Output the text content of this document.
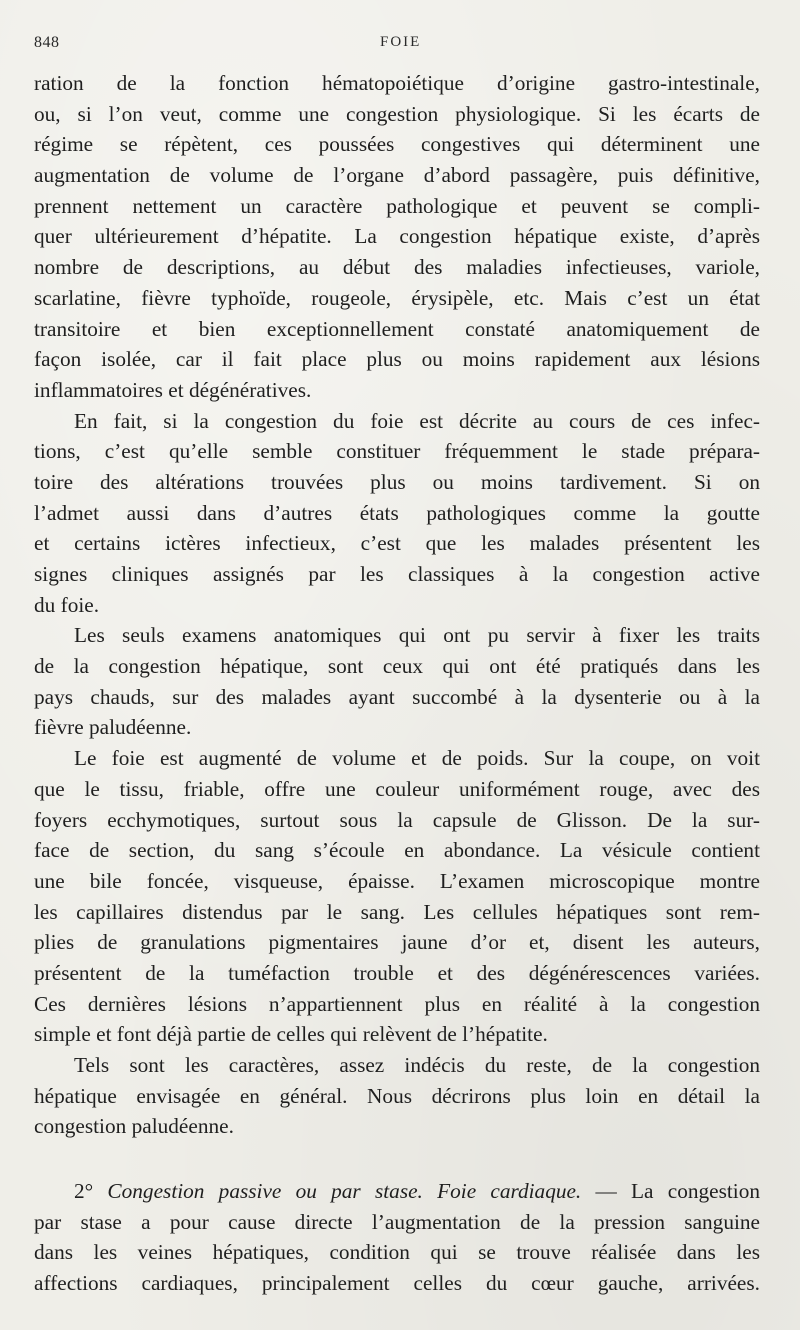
848	FOIE
ration de la fonction hématopoiétique d’origine gastro-intestinale,
ou, si l’on veut, comme une congestion physiologique. Si les écarts de
régime se répètent, ces poussées congestives qui déterminent une
augmentation de volume de l’organe d’abord passagère, puis définitive,
prennent nettement un caractère pathologique et peuvent se compli-
quer ultérieurement d’hépatite. La congestion hépatique existe, d’après
nombre de descriptions, au début des maladies infectieuses, variole,
scarlatine, fièvre typhoïde, rougeole, érysipèle, etc. Mais c’est un état
transitoire et bien exceptionnellement constaté anatomiquement de
façon isolée, car il fait place plus ou moins rapidement aux lésions
inflammatoires et dégénératives.
En fait, si la congestion du foie est décrite au cours de ces infec-
tions, c’est qu’elle semble constituer fréquemment le stade prépara-
toire des altérations trouvées plus ou moins tardivement. Si on
l’admet aussi dans d’autres états pathologiques comme la goutte
et certains ictères infectieux, c’est que les malades présentent les
signes cliniques assignés par les classiques à la congestion active
du foie.
Les seuls examens anatomiques qui ont pu servir à fixer les traits
de la congestion hépatique, sont ceux qui ont été pratiqués dans les
pays chauds, sur des malades ayant succombé à la dysenterie ou à la
fièvre paludéenne.
Le foie est augmenté de volume et de poids. Sur la coupe, on voit
que le tissu, friable, offre une couleur uniformément rouge, avec des
foyers ecchymotiques, surtout sous la capsule de Glisson. De la sur-
face de section, du sang s’écoule en abondance. La vésicule contient
une bile foncée, visqueuse, épaisse. L’examen microscopique montre
les capillaires distendus par le sang. Les cellules hépatiques sont rem-
plies de granulations pigmentaires jaune d’or et, disent les auteurs,
présentent de la tuméfaction trouble et des dégénérescences variées.
Ces dernières lésions n’appartiennent plus en réalité à la congestion
simple et font déjà partie de celles qui relèvent de l’hépatite.
Tels sont les caractères, assez indécis du reste, de la congestion
hépatique envisagée en général. Nous décrirons plus loin en détail la
congestion paludéenne.
2° Congestion passive ou par stase. Foie cardiaque. — La congestion
par stase a pour cause directe l’augmentation de la pression sanguine
dans les veines hépatiques, condition qui se trouve réalisée dans les
affections cardiaques, principalement celles du cœur gauche, arrivées.
